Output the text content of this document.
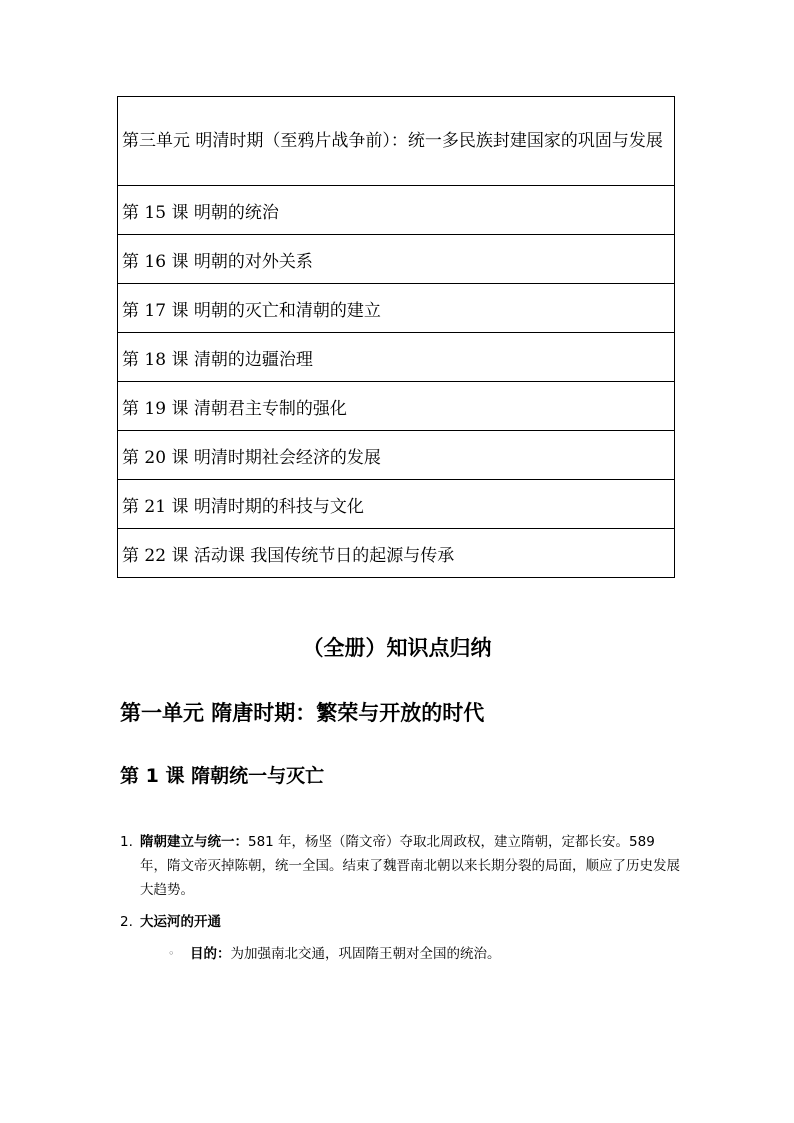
第三单元 明清时期（至鸦片战争前）：统一多民族封建国家的巩固与发展
第 15 课 明朝的统治
第 16 课 明朝的对外关系
第 17 课 明朝的灭亡和清朝的建立
第 18 课 清朝的边疆治理
第 19 课 清朝君主专制的强化
第 20 课 明清时期社会经济的发展
第 21 课 明清时期的科技与文化
第 22 课 活动课 我国传统节日的起源与传承
（全册）知识点归纳
第一单元 隋唐时期：繁荣与开放的时代
第 1 课 隋朝统一与灭亡
1. 隋朝建立与统一：581 年，杨坚（隋文帝）夺取北周政权，建立隋朝，定都长安。589 年，隋文帝灭掉陈朝，统一全国。结束了魏晋南北朝以来长期分裂的局面，顺应了历史发展大趋势。
2. 大运河的开通
◦ 目的：为加强南北交通，巩固隋王朝对全国的统治。
